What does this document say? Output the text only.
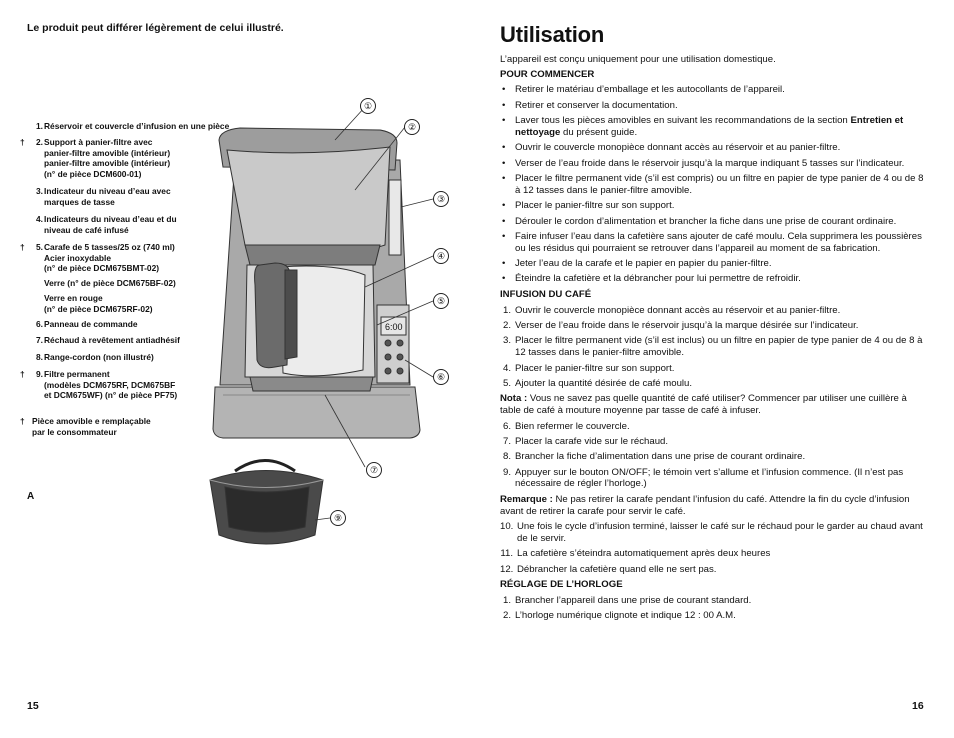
Le produit peut différer légèrement de celui illustré.
1. Réservoir et couvercle d’infusion en une pièce
†	2. Support à panier-filtre avec
panier-filtre amovible (intérieur)
panier-filtre amovible (intérieur)
(n° de pièce DCM600-01)
3. Indicateur du niveau d’eau avec
marques de tasse
4. Indicateurs du niveau d’eau et du
niveau de café infusé
†	5. Carafe de 5 tasses/25 oz (740 ml)
Acier inoxydable
(n° de pièce DCM675BMT-02)
Verre (n° de pièce DCM675BF-02)
Verre en rouge
(n° de pièce DCM675RF-02)
6. Panneau de commande
7. Réchaud à revêtement antiadhésif
8. Range-cordon (non illustré)
†	9. Filtre permanent
(modèles DCM675RF, DCM675BF
et DCM675WF) (n° de pièce PF75)
† Pièce amovible e remplaçable
par le consommateur
A
6:00
①
②
③
④
⑤
⑥
⑦
⑨
15
Utilisation
L’appareil est conçu uniquement pour une utilisation domestique.
POUR COMMENCER
• Retirer le matériau d’emballage et les autocollants de l’appareil.
• Retirer et conserver la documentation.
• Laver tous les pièces amovibles en suivant les recommandations de la section Entretien et nettoyage du présent guide.
• Ouvrir le couvercle monopièce donnant accès au réservoir et au panier-filtre.
• Verser de l’eau froide dans le réservoir jusqu’à la marque indiquant 5 tasses sur l’indicateur.
• Placer le filtre permanent vide (s’il est compris) ou un filtre en papier de type panier de 4 ou de 8 à 12 tasses dans le panier-filtre amovible.
• Placer le panier-filtre sur son support.
• Dérouler le cordon d’alimentation et brancher la fiche dans une prise de courant ordinaire.
• Faire infuser l’eau dans la cafetière sans ajouter de café moulu. Cela supprimera les poussières ou les résidus qui pourraient se retrouver dans l’appareil au moment de sa fabrication.
• Jeter l’eau de la carafe et le papier en papier du panier-filtre.
• Éteindre la cafetière et la débrancher pour lui permettre de refroidir.
INFUSION DU CAFÉ
1. Ouvrir le couvercle monopièce donnant accès au réservoir et au panier-filtre.
2. Verser de l’eau froide dans le réservoir jusqu’à la marque désirée sur l’indicateur.
3. Placer le filtre permanent vide (s’il est inclus) ou un filtre en papier de type panier de 4 ou de 8 à 12 tasses dans le panier-filtre amovible.
4. Placer le panier-filtre sur son support.
5. Ajouter la quantité désirée de café moulu.

Nota : Vous ne savez pas quelle quantité de café utiliser? Commencer par utiliser une cuillère à table de café à mouture moyenne par tasse de café à infuser.

6. Bien refermer le couvercle.
7. Placer la carafe vide sur le réchaud.
8. Brancher la fiche d’alimentation dans une prise de courant ordinaire.
9. Appuyer sur le bouton ON/OFF; le témoin vert s’allume et l’infusion commence. (Il n’est pas nécessaire de régler l’horloge.)

Remarque : Ne pas retirer la carafe pendant l’infusion du café. Attendre la fin du cycle d’infusion avant de retirer la carafe pour servir le café.

10. Une fois le cycle d’infusion terminé, laisser le café sur le réchaud pour le garder au chaud avant de le servir.
11. La cafetière s’éteindra automatiquement après deux heures
12. Débrancher la cafetière quand elle ne sert pas.
RÉGLAGE DE L’HORLOGE
1. Brancher l’appareil dans une prise de courant standard.
2. L’horloge numérique clignote et indique 12 : 00 A.M.
16
